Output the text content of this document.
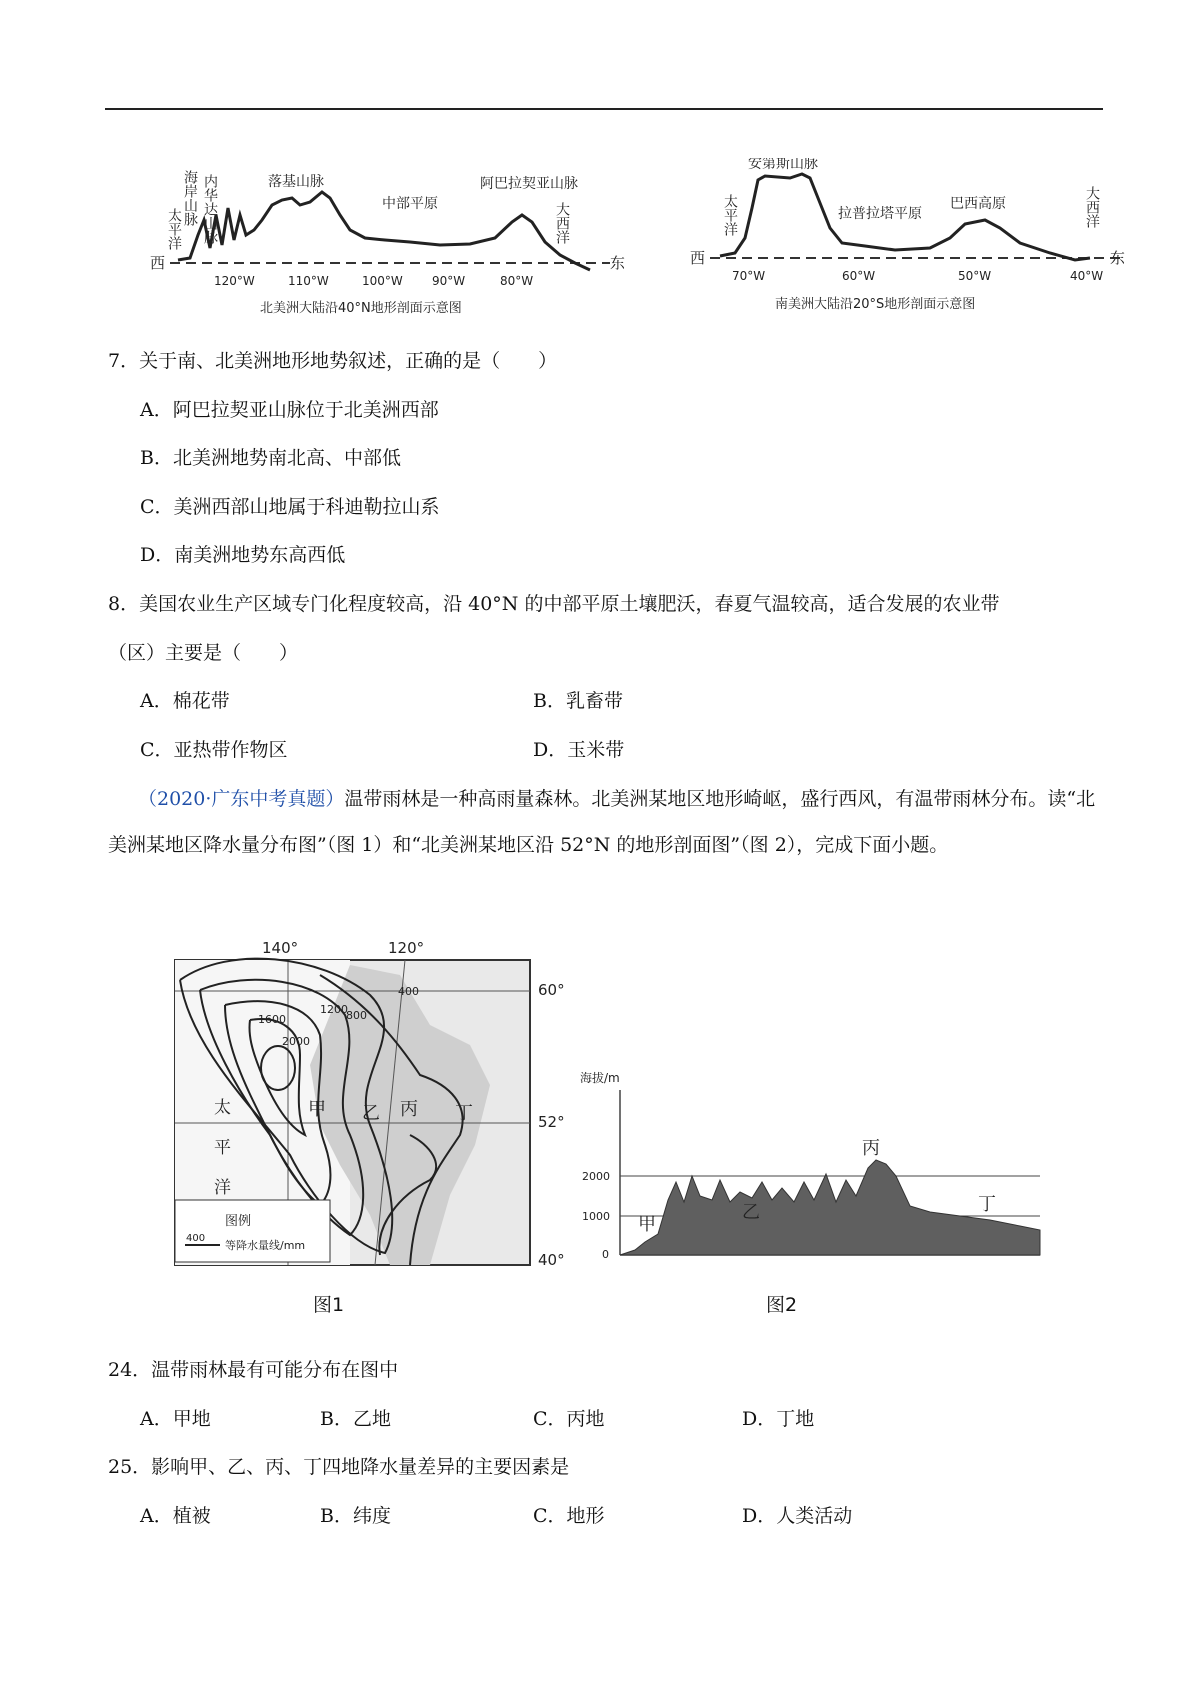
西	东
海岸山脉 内华达山脉	落基山脉
中部平原
阿巴拉契亚山脉
太平洋	大西洋
120°W	110°W	100°W 90°W	80°W
北美洲大陆沿40°N地形剖面示意图
西	东
安第斯山脉
拉普拉塔平原
巴西高原
太平洋	大西洋
70°W	60°W	50°W	40°W
南美洲大陆沿20°S地形剖面示意图
7．关于南、北美洲地形地势叙述，正确的是（　　）
A．阿巴拉契亚山脉位于北美洲西部
B．北美洲地势南北高、中部低
C．美洲西部山地属于科迪勒拉山系
D．南美洲地势东高西低
8．美国农业生产区域专门化程度较高，沿 40°N 的中部平原土壤肥沃，春夏气温较高，适合发展的农业带
（区）主要是（　　）
A．棉花带	B．乳畜带
C．亚热带作物区	D．玉米带
（2020·广东中考真题）温带雨林是一种高雨量森林。北美洲某地区地形崎岖，盛行西风，有温带雨林分布。读“北美洲某地区降水量分布图”（图 1）和“北美洲某地区沿 52°N 的地形剖面图”（图 2），完成下面小题。
140°	120°
60°
52°
40°
400
800
1200
1600
2000
太
平
洋
甲 乙 丙 丁
图例
400
等降水量线/mm
图1
海拔/m
2000
1000
0
甲
乙
丙
丁
图2
24．温带雨林最有可能分布在图中
A．甲地	B．乙地	C．丙地	D．丁地
25．影响甲、乙、丙、丁四地降水量差异的主要因素是
A．植被	B．纬度	C．地形	D．人类活动
